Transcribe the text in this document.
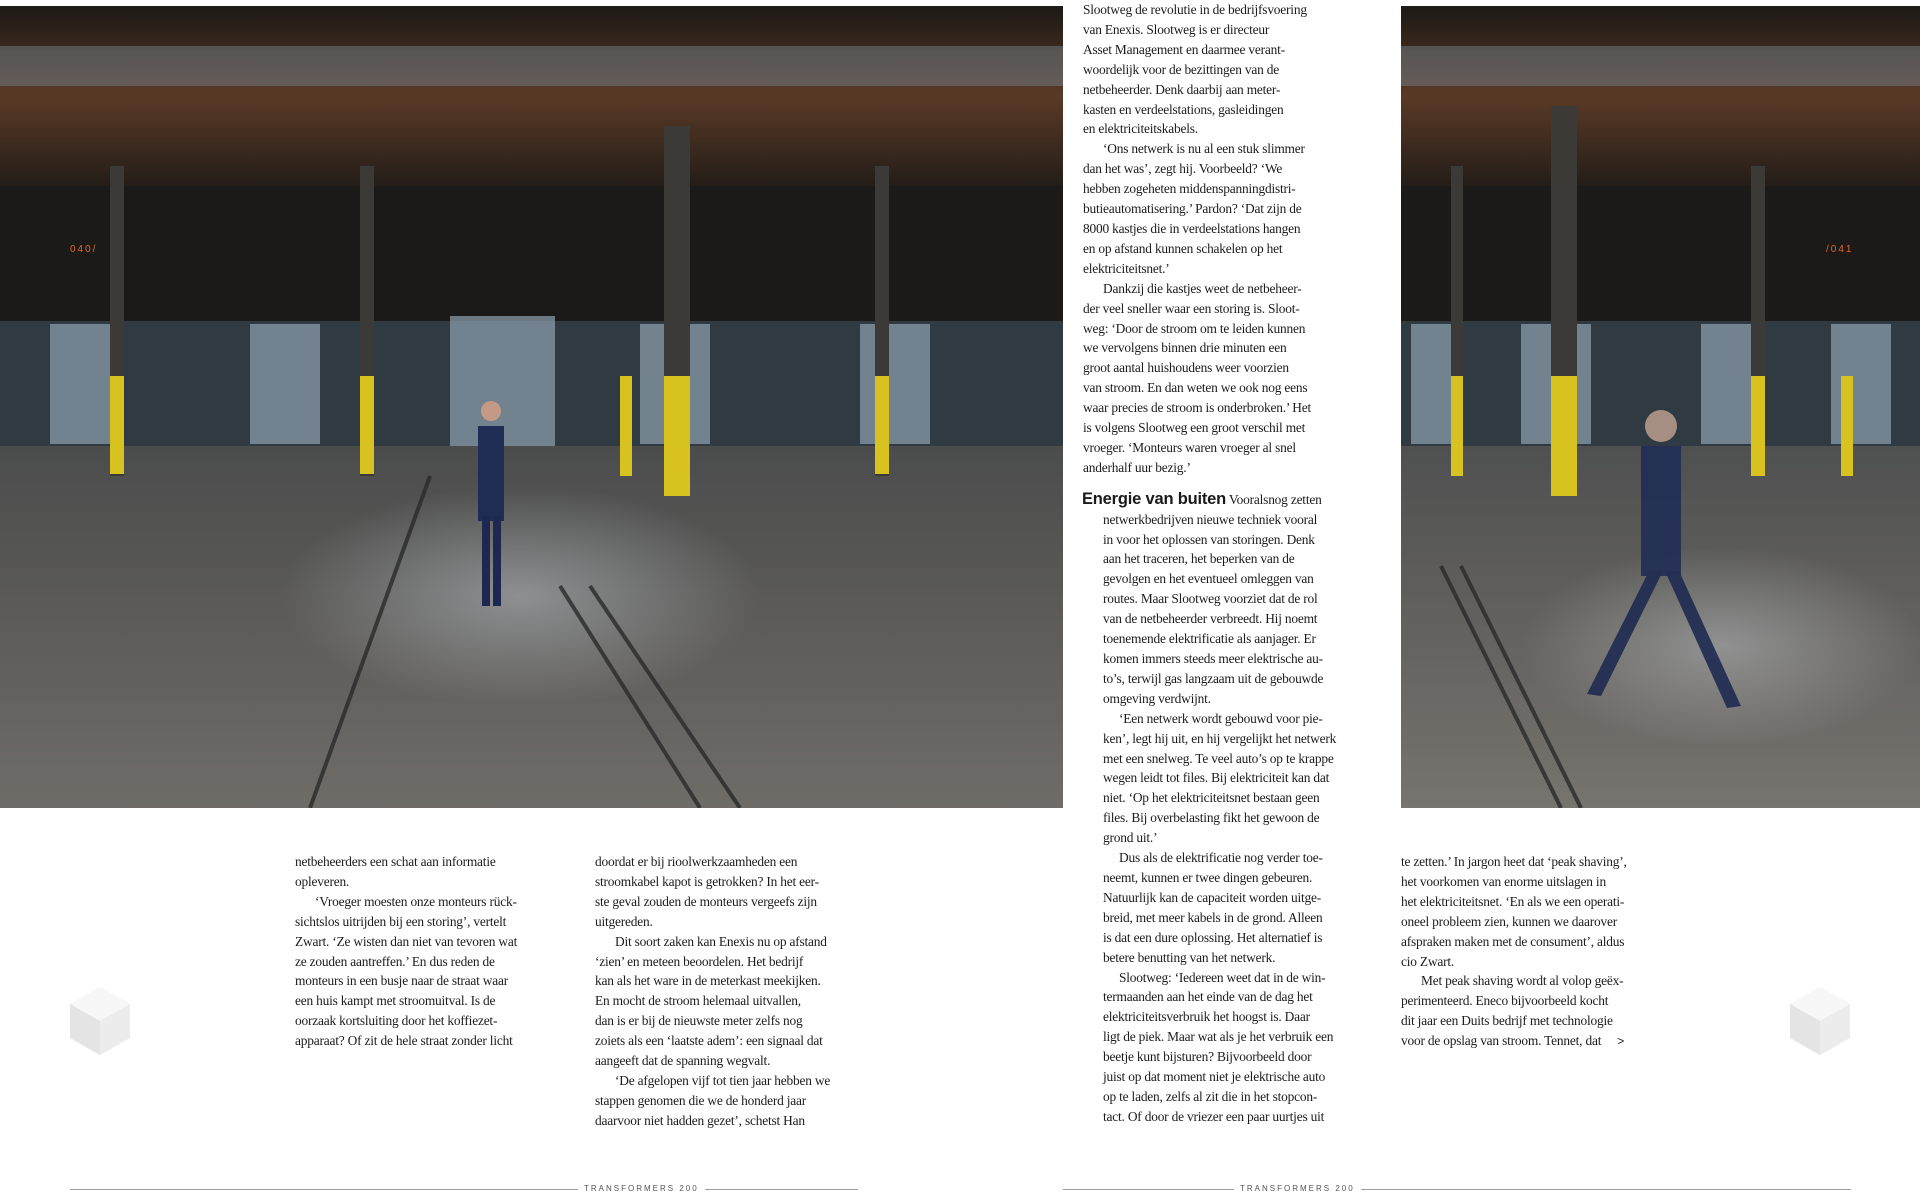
040/	/041

Slootweg de revolutie in de bedrijfsvoering

van Enexis. Slootweg is er directeur

Asset Management en daarmee verant-

woordelijk voor de bezittingen van de

netbeheerder. Denk daarbij aan meter-

kasten en verdeelstations, gasleidingen

en elektriciteitskabels.

‘Ons netwerk is nu al een stuk slimmer

dan het was’, zegt hij. Voorbeeld? ‘We

hebben zogeheten middenspanningdistri-

butieautomatisering.’ Pardon? ‘Dat zijn de

8000 kastjes die in verdeelstations hangen

en op afstand kunnen schakelen op het

elektriciteitsnet.’

Dankzij die kastjes weet de netbeheer-

der veel sneller waar een storing is. Sloot-

weg: ‘Door de stroom om te leiden kunnen

we vervolgens binnen drie minuten een

groot aantal huishoudens weer voorzien

van stroom. En dan weten we ook nog eens

waar precies de stroom is onderbroken.’ Het

is volgens Slootweg een groot verschil met

vroeger. ‘Monteurs waren vroeger al snel

anderhalf uur bezig.’

Energie van buiten Vooralsnog zetten

netwerkbedrijven nieuwe techniek vooral

in voor het oplossen van storingen. Denk

aan het traceren, het beperken van de

gevolgen en het eventueel omleggen van

routes. Maar Slootweg voorziet dat de rol

van de netbeheerder verbreedt. Hij noemt

toenemende elektrificatie als aanjager. Er

komen immers steeds meer elektrische au-

to’s, terwijl gas langzaam uit de gebouwde

omgeving verdwijnt.

‘Een netwerk wordt gebouwd voor pie-

ken’, legt hij uit, en hij vergelijkt het netwerk

met een snelweg. Te veel auto’s op te krappe

wegen leidt tot files. Bij elektriciteit kan dat

niet. ‘Op het elektriciteitsnet bestaan geen

files. Bij overbelasting fikt het gewoon de

grond uit.’

Dus als de elektrificatie nog verder toe-

neemt, kunnen er twee dingen gebeuren.

Natuurlijk kan de capaciteit worden uitge-

breid, met meer kabels in de grond. Alleen

is dat een dure oplossing. Het alternatief is

betere benutting van het netwerk.

Slootweg: ‘Iedereen weet dat in de win-

termaanden aan het einde van de dag het

elektriciteitsverbruik het hoogst is. Daar

ligt de piek. Maar wat als je het verbruik een

beetje kunt bijsturen? Bijvoorbeeld door

juist op dat moment niet je elektrische auto

op te laden, zelfs al zit die in het stopcon-

tact. Of door de vriezer een paar uurtjes uit

netbeheerders een schat aan informatie

opleveren.

‘Vroeger moesten onze monteurs rück-

sichtslos uitrijden bij een storing’, vertelt

Zwart. ‘Ze wisten dan niet van tevoren wat

ze zouden aantreffen.’ En dus reden de

monteurs in een busje naar de straat waar

een huis kampt met stroomuitval. Is de

oorzaak kortsluiting door het koffiezet-

apparaat? Of zit de hele straat zonder licht

doordat er bij rioolwerkzaamheden een

stroomkabel kapot is getrokken? In het eer-

ste geval zouden de monteurs vergeefs zijn

uitgereden.

Dit soort zaken kan Enexis nu op afstand

‘zien’ en meteen beoordelen. Het bedrijf

kan als het ware in de meterkast meekijken.

En mocht de stroom helemaal uitvallen,

dan is er bij de nieuwste meter zelfs nog

zoiets als een ‘laatste adem’: een signaal dat

aangeeft dat de spanning wegvalt.

‘De afgelopen vijf tot tien jaar hebben we

stappen genomen die we de honderd jaar

daarvoor niet hadden gezet’, schetst Han

te zetten.’ In jargon heet dat ‘peak shaving’,

het voorkomen van enorme uitslagen in

het elektriciteitsnet. ‘En als we een operati-

oneel probleem zien, kunnen we daarover

afspraken maken met de consument’, aldus

cio Zwart.

Met peak shaving wordt al volop geëx-

perimenteerd. Eneco bijvoorbeeld kocht

dit jaar een Duits bedrijf met technologie

voor de opslag van stroom. Tennet, dat >

TRANSFORMERS 200	TRANSFORMERS 200
